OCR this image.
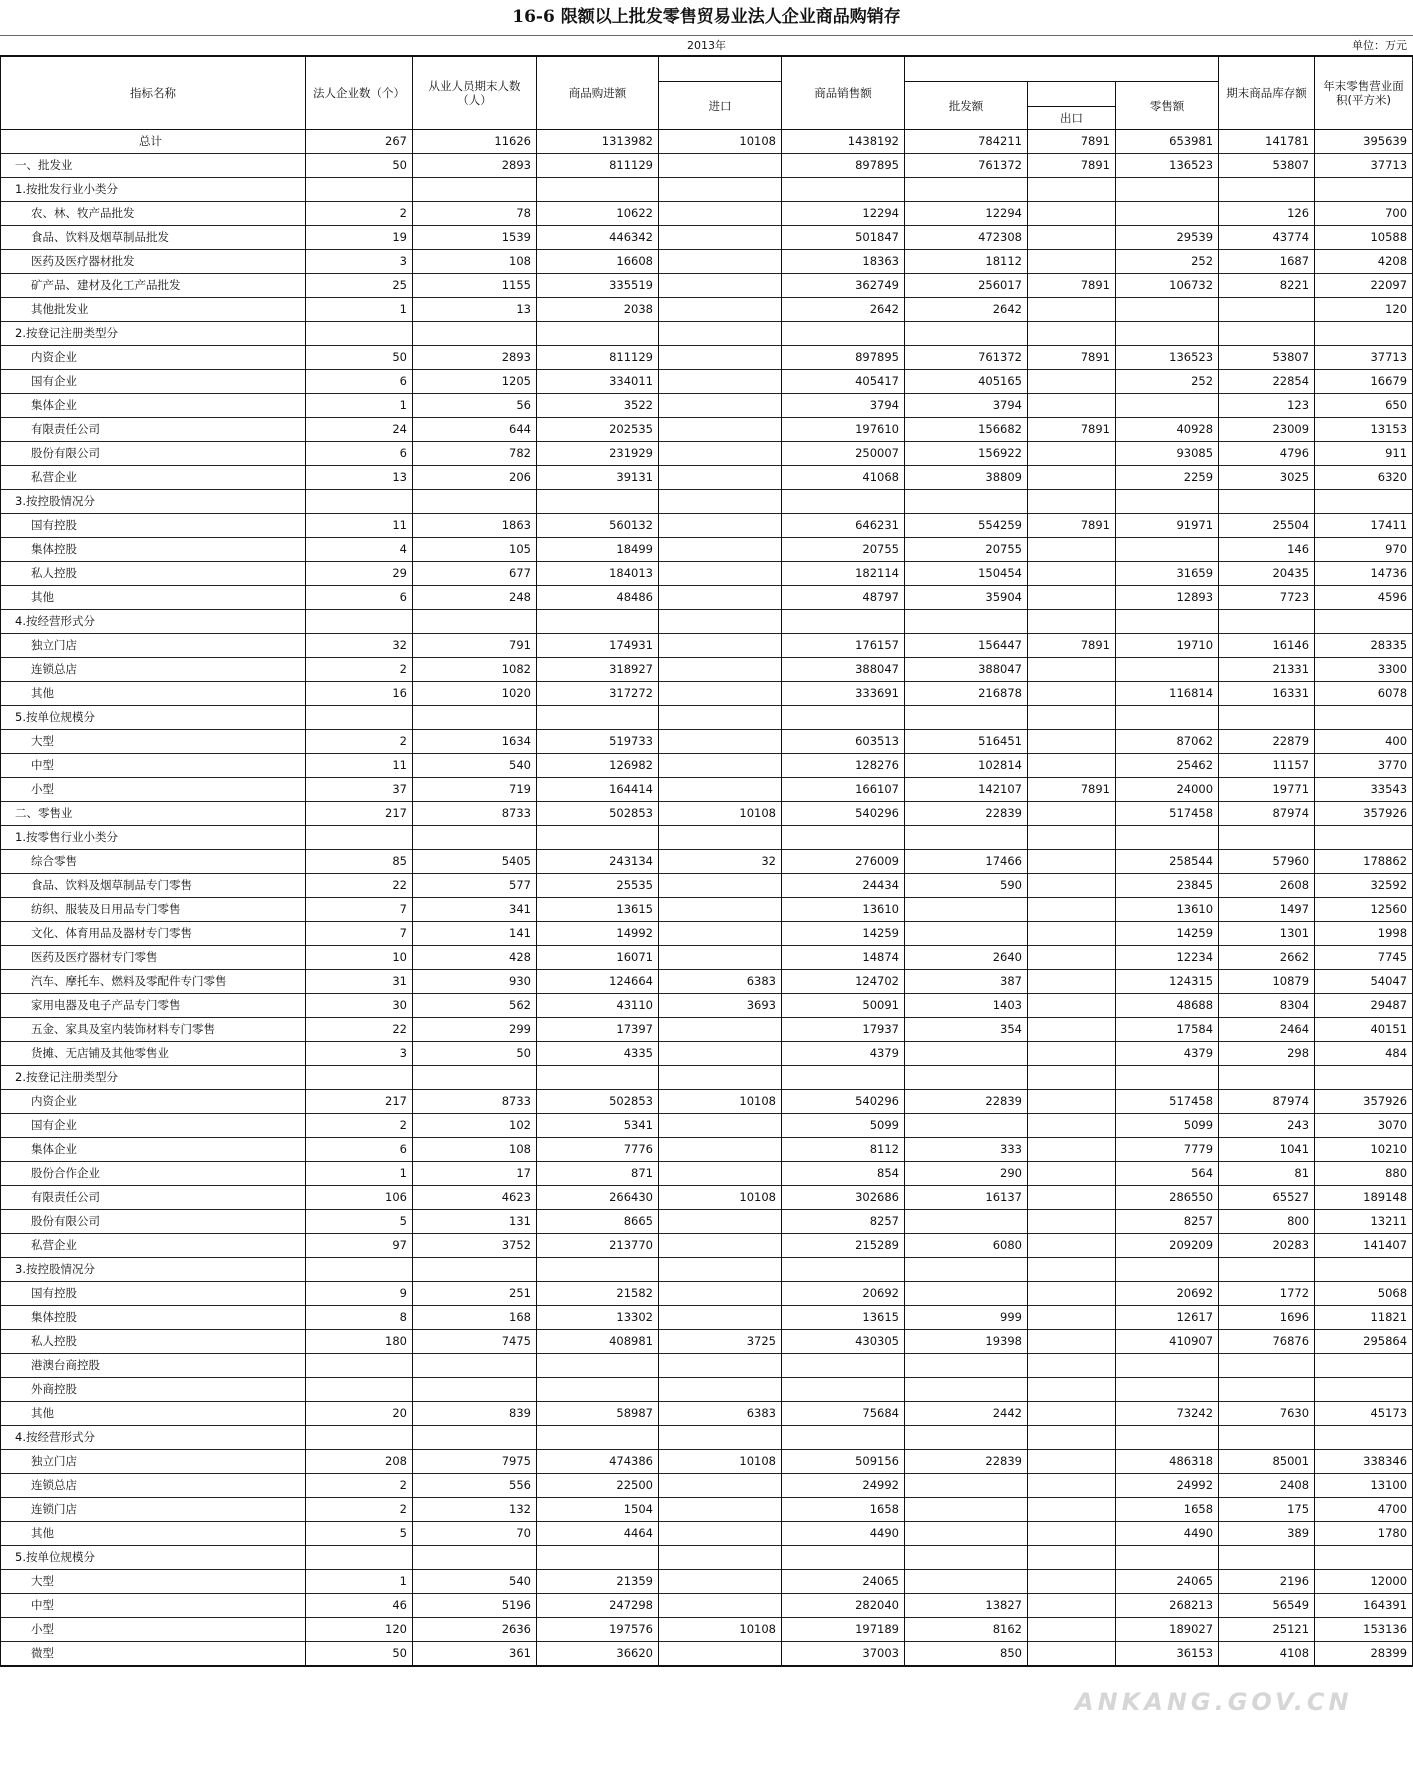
16-6 限额以上批发零售贸易业法人企业商品购销存
2013年	单位：万元
指标名称	法人企业数（个）	从业人员期末人数（人）	商品购进额		商品销售额				期末商品库存额	年末零售营业面积(平方米)
				进口		批发额		零售额		
							出口			
总计	267	11626	1313982	10108	1438192	784211	7891	653981	141781	395639
一、批发业	50	2893	811129		897895	761372	7891	136523	53807	37713
1.按批发行业小类分										
农、林、牧产品批发	2	78	10622		12294	12294			126	700
食品、饮料及烟草制品批发	19	1539	446342		501847	472308		29539	43774	10588
医药及医疗器材批发	3	108	16608		18363	18112		252	1687	4208
矿产品、建材及化工产品批发	25	1155	335519		362749	256017	7891	106732	8221	22097
其他批发业	1	13	2038		2642	2642				120
2.按登记注册类型分										
内资企业	50	2893	811129		897895	761372	7891	136523	53807	37713
国有企业	6	1205	334011		405417	405165		252	22854	16679
集体企业	1	56	3522		3794	3794			123	650
有限责任公司	24	644	202535		197610	156682	7891	40928	23009	13153
股份有限公司	6	782	231929		250007	156922		93085	4796	911
私营企业	13	206	39131		41068	38809		2259	3025	6320
3.按控股情况分										
国有控股	11	1863	560132		646231	554259	7891	91971	25504	17411
集体控股	4	105	18499		20755	20755			146	970
私人控股	29	677	184013		182114	150454		31659	20435	14736
其他	6	248	48486		48797	35904		12893	7723	4596
4.按经营形式分										
独立门店	32	791	174931		176157	156447	7891	19710	16146	28335
连锁总店	2	1082	318927		388047	388047			21331	3300
其他	16	1020	317272		333691	216878		116814	16331	6078
5.按单位规模分										
大型	2	1634	519733		603513	516451		87062	22879	400
中型	11	540	126982		128276	102814		25462	11157	3770
小型	37	719	164414		166107	142107	7891	24000	19771	33543
二、零售业	217	8733	502853	10108	540296	22839		517458	87974	357926
1.按零售行业小类分										
综合零售	85	5405	243134	32	276009	17466		258544	57960	178862
食品、饮料及烟草制品专门零售	22	577	25535		24434	590		23845	2608	32592
纺织、服装及日用品专门零售	7	341	13615		13610			13610	1497	12560
文化、体育用品及器材专门零售	7	141	14992		14259			14259	1301	1998
医药及医疗器材专门零售	10	428	16071		14874	2640		12234	2662	7745
汽车、摩托车、燃料及零配件专门零售	31	930	124664	6383	124702	387		124315	10879	54047
家用电器及电子产品专门零售	30	562	43110	3693	50091	1403		48688	8304	29487
五金、家具及室内装饰材料专门零售	22	299	17397		17937	354		17584	2464	40151
货摊、无店铺及其他零售业	3	50	4335		4379			4379	298	484
2.按登记注册类型分										
内资企业	217	8733	502853	10108	540296	22839		517458	87974	357926
国有企业	2	102	5341		5099			5099	243	3070
集体企业	6	108	7776		8112	333		7779	1041	10210
股份合作企业	1	17	871		854	290		564	81	880
有限责任公司	106	4623	266430	10108	302686	16137		286550	65527	189148
股份有限公司	5	131	8665		8257			8257	800	13211
私营企业	97	3752	213770		215289	6080		209209	20283	141407
3.按控股情况分										
国有控股	9	251	21582		20692			20692	1772	5068
集体控股	8	168	13302		13615	999		12617	1696	11821
私人控股	180	7475	408981	3725	430305	19398		410907	76876	295864
港澳台商控股										
外商控股										
其他	20	839	58987	6383	75684	2442		73242	7630	45173
4.按经营形式分										
独立门店	208	7975	474386	10108	509156	22839		486318	85001	338346
连锁总店	2	556	22500		24992			24992	2408	13100
连锁门店	2	132	1504		1658			1658	175	4700
其他	5	70	4464		4490			4490	389	1780
5.按单位规模分										
大型	1	540	21359		24065			24065	2196	12000
中型	46	5196	247298		282040	13827		268213	56549	164391
小型	120	2636	197576	10108	197189	8162		189027	25121	153136
微型	50	361	36620		37003	850		36153	4108	28399
ANKANG.GOV.CN
